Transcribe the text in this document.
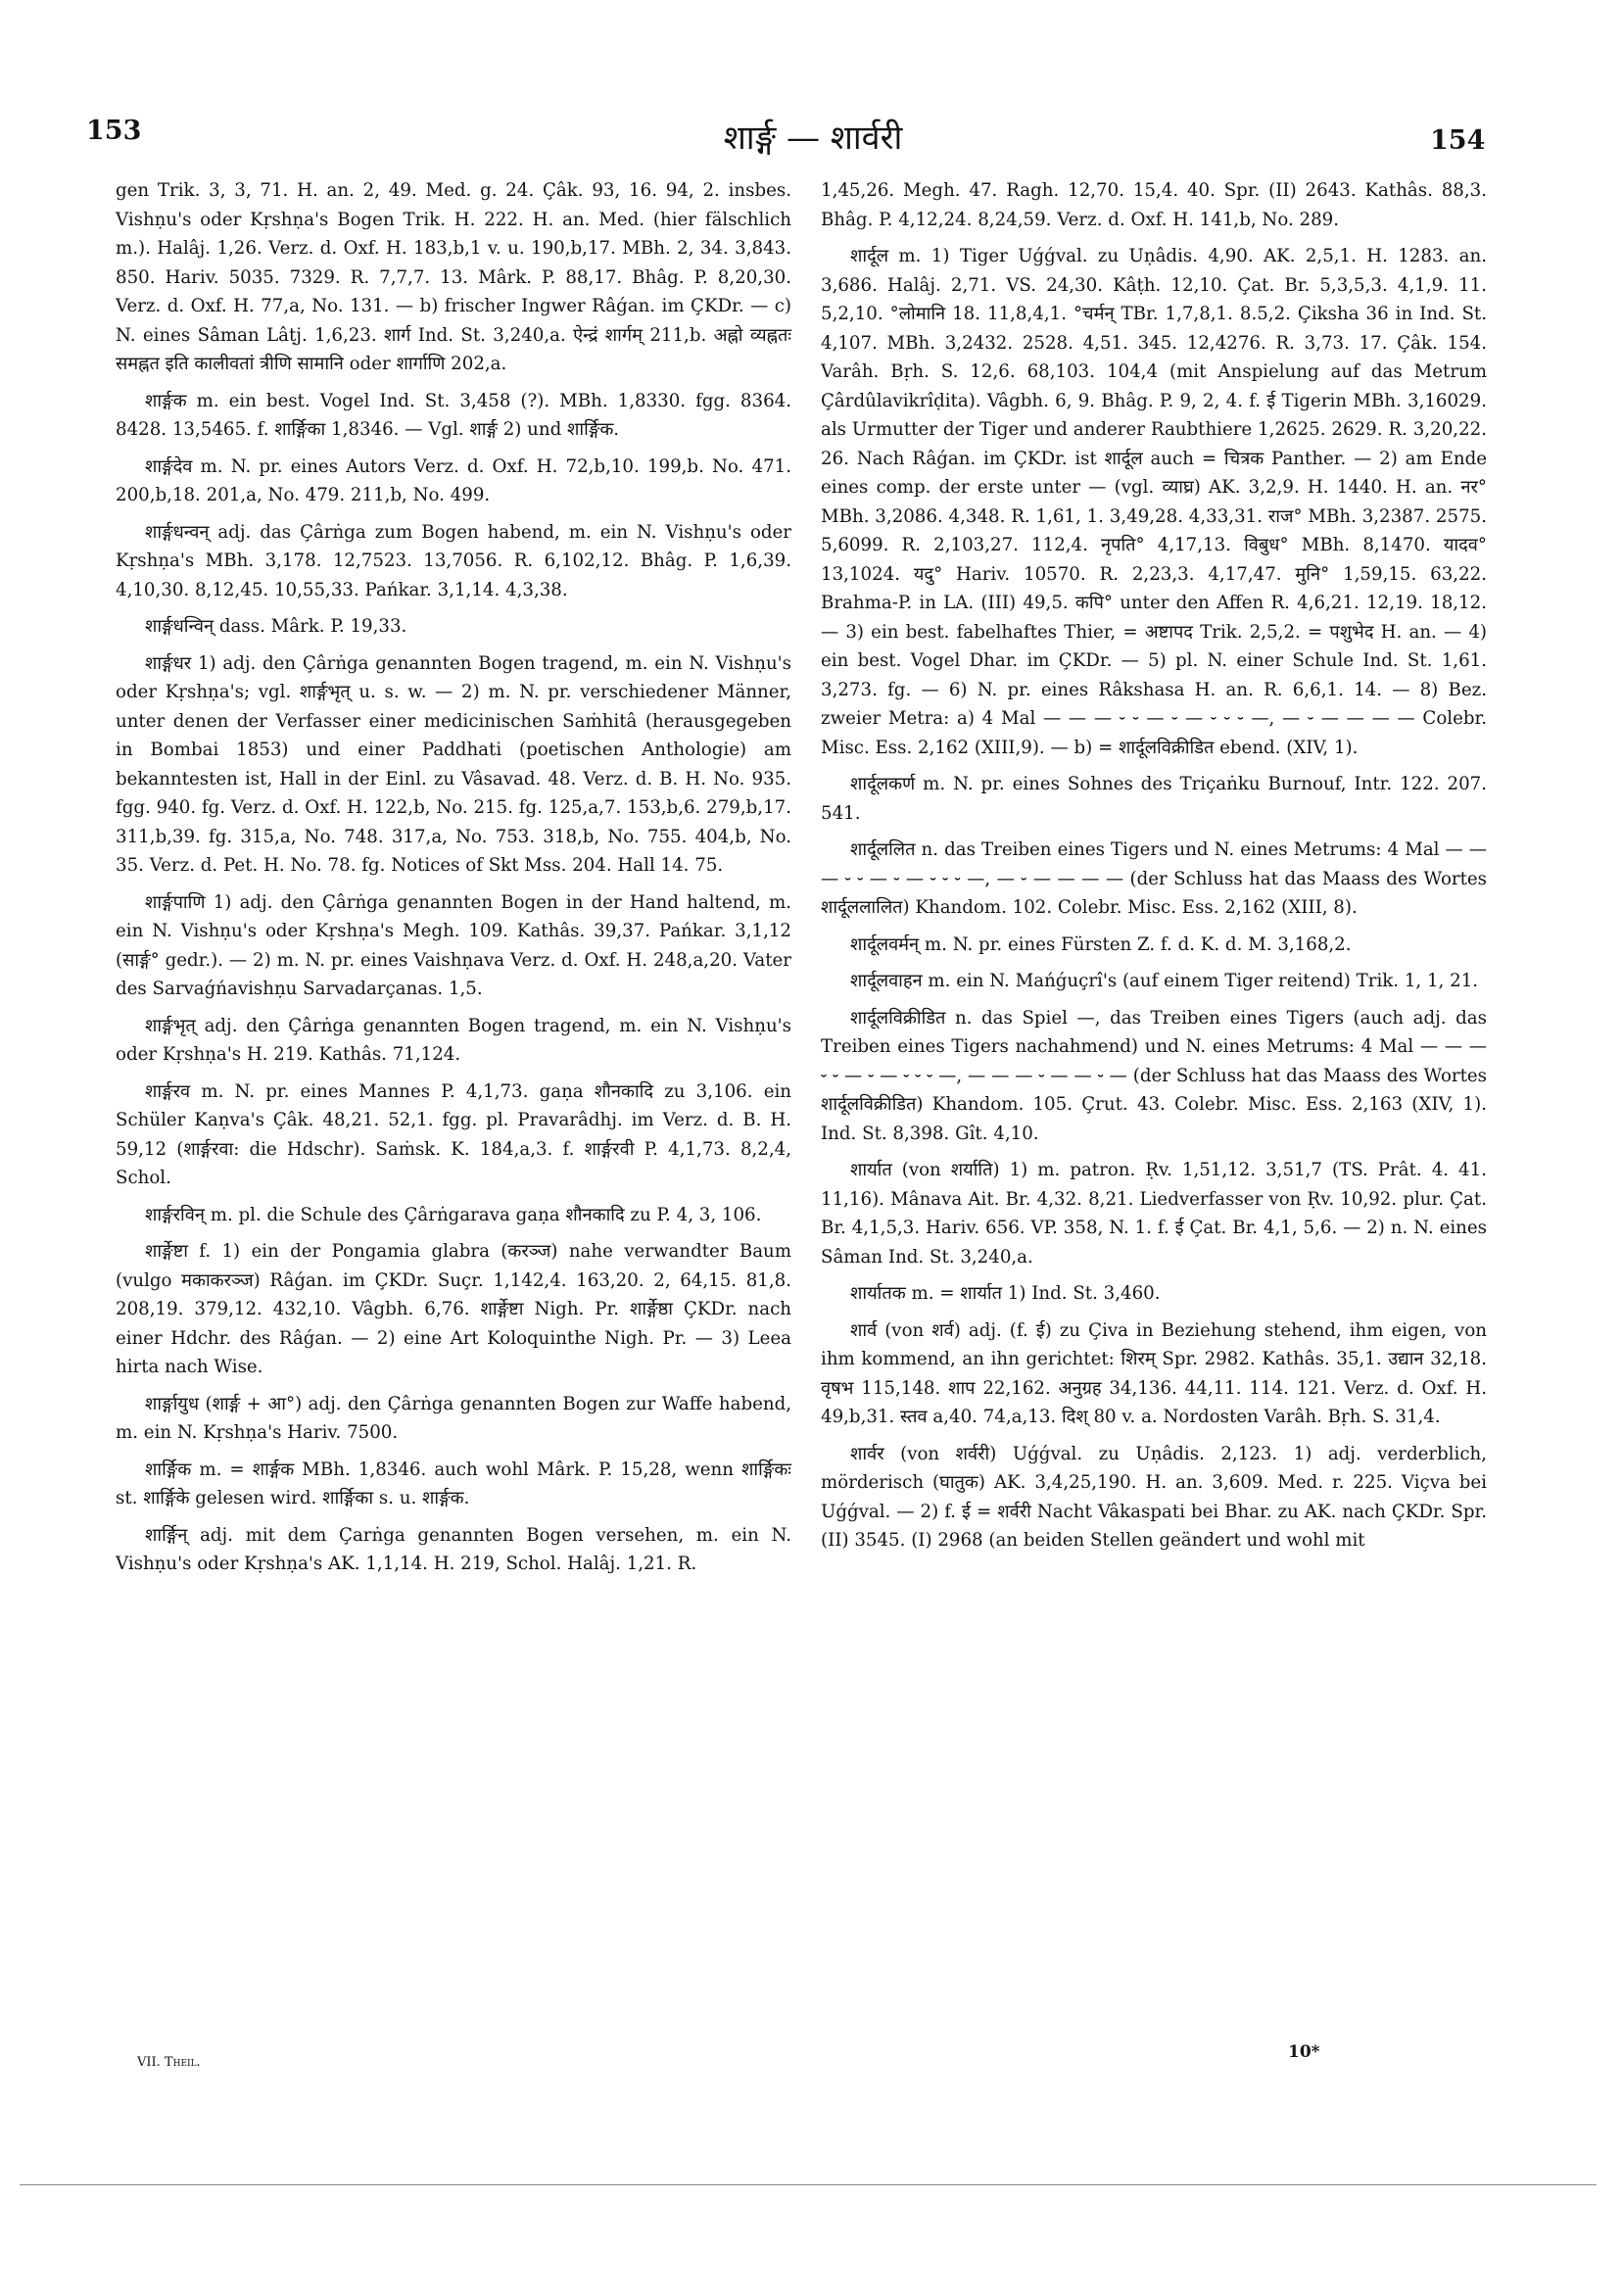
153	शार्ङ्ग — शार्वरी	154

gen Trik. 3, 3, 71. H. an. 2, 49. Med. g. 24. Çâk. 93, 16. 94, 2. insbes. Vishṇu's oder Kṛshṇa's Bogen Trik. H. 222. H. an. Med. (hier fälschlich m.). Halâj. 1,26. Verz. d. Oxf. H. 183,b,1 v. u. 190,b,17. MBh. 2, 34. 3,843. 850. Hariv. 5035. 7329. R. 7,7,7. 13. Mârk. P. 88,17. Bhâg. P. 8,20,30. Verz. d. Oxf. H. 77,a, No. 131. — b) frischer Ingwer Râǵan. im ÇKDr. — c) N. eines Sâman Lâṭj. 1,6,23. शार्ग Ind. St. 3,240,a. ऐन्द्रं शार्गम् 211,b. अह्नो व्यह्नतः समह्नत इति कालीवतां त्रीणि सामानि oder शार्गाणि 202,a.

शार्ङ्गक m. ein best. Vogel Ind. St. 3,458 (?). MBh. 1,8330. fgg. 8364. 8428. 13,5465. f. शार्ङ्गिका 1,8346. — Vgl. शार्ङ्ग 2) und शार्ङ्गिक.

शार्ङ्गदेव m. N. pr. eines Autors Verz. d. Oxf. H. 72,b,10. 199,b. No. 471. 200,b,18. 201,a, No. 479. 211,b, No. 499.

शार्ङ्गधन्वन् adj. das Çârṅga zum Bogen habend, m. ein N. Vishṇu's oder Kṛshṇa's MBh. 3,178. 12,7523. 13,7056. R. 6,102,12. Bhâg. P. 1,6,39. 4,10,30. 8,12,45. 10,55,33. Pańkar. 3,1,14. 4,3,38.

शार्ङ्गधन्विन् dass. Mârk. P. 19,33.

शार्ङ्गधर 1) adj. den Çârṅga genannten Bogen tragend, m. ein N. Vishṇu's oder Kṛshṇa's; vgl. शार्ङ्गभृत् u. s. w. — 2) m. N. pr. verschiedener Männer, unter denen der Verfasser einer medicinischen Saṁhitâ (herausgegeben in Bombai 1853) und einer Paddhati (poetischen Anthologie) am bekanntesten ist, Hall in der Einl. zu Vâsavad. 48. Verz. d. B. H. No. 935. fgg. 940. fg. Verz. d. Oxf. H. 122,b, No. 215. fg. 125,a,7. 153,b,6. 279,b,17. 311,b,39. fg. 315,a, No. 748. 317,a, No. 753. 318,b, No. 755. 404,b, No. 35. Verz. d. Pet. H. No. 78. fg. Notices of Skt Mss. 204. Hall 14. 75.

शार्ङ्गपाणि 1) adj. den Çârṅga genannten Bogen in der Hand haltend, m. ein N. Vishṇu's oder Kṛshṇa's Megh. 109. Kathâs. 39,37. Pańkar. 3,1,12 (सार्ङ्ग° gedr.). — 2) m. N. pr. eines Vaishṇava Verz. d. Oxf. H. 248,a,20. Vater des Sarvaǵńavishṇu Sarvadarçanas. 1,5.

शार्ङ्गभृत् adj. den Çârṅga genannten Bogen tragend, m. ein N. Vishṇu's oder Kṛshṇa's H. 219. Kathâs. 71,124.

शार्ङ्गरव m. N. pr. eines Mannes P. 4,1,73. gaṇa शौनकादि zu 3,106. ein Schüler Kaṇva's Çâk. 48,21. 52,1. fgg. pl. Pravarâdhj. im Verz. d. B. H. 59,12 (शार्ङ्गरवा: die Hdschr). Saṁsk. K. 184,a,3. f. शार्ङ्गरवी P. 4,1,73. 8,2,4, Schol.

शार्ङ्गरविन् m. pl. die Schule des Çârṅgarava gaṇa शौनकादि zu P. 4, 3, 106.

शार्ङ्गेष्टा f. 1) ein der Pongamia glabra (करञ्ज) nahe verwandter Baum (vulgo मकाकरञ्ज) Râǵan. im ÇKDr. Suçr. 1,142,4. 163,20. 2, 64,15. 81,8. 208,19. 379,12. 432,10. Vâgbh. 6,76. शार्ङ्गेष्टा Nigh. Pr. शार्ङ्गेष्ठा ÇKDr. nach einer Hdchr. des Râǵan. — 2) eine Art Koloquinthe Nigh. Pr. — 3) Leea hirta nach Wise.

शार्ङ्गायुध (शार्ङ्ग + आ°) adj. den Çârṅga genannten Bogen zur Waffe habend, m. ein N. Kṛshṇa's Hariv. 7500.

शार्ङ्गिक m. = शार्ङ्गक MBh. 1,8346. auch wohl Mârk. P. 15,28, wenn शार्ङ्गिकः st. शार्ङ्गिके gelesen wird. शार्ङ्गिका s. u. शार्ङ्गक.

शार्ङ्गिन् adj. mit dem Çarṅga genannten Bogen versehen, m. ein N. Vishṇu's oder Kṛshṇa's AK. 1,1,14. H. 219, Schol. Halâj. 1,21. R.

1,45,26. Megh. 47. Ragh. 12,70. 15,4. 40. Spr. (II) 2643. Kathâs. 88,3. Bhâg. P. 4,12,24. 8,24,59. Verz. d. Oxf. H. 141,b, No. 289.

शार्दूल m. 1) Tiger Uǵǵval. zu Uṇâdis. 4,90. AK. 2,5,1. H. 1283. an. 3,686. Halâj. 2,71. VS. 24,30. Kâṭh. 12,10. Çat. Br. 5,3,5,3. 4,1,9. 11. 5,2,10. °लोमानि 18. 11,8,4,1. °चर्मन् TBr. 1,7,8,1. 8.5,2. Çiksha 36 in Ind. St. 4,107. MBh. 3,2432. 2528. 4,51. 345. 12,4276. R. 3,73. 17. Çâk. 154. Varâh. Bṛh. S. 12,6. 68,103. 104,4 (mit Anspielung auf das Metrum Çârdûlavikrîḍita). Vâgbh. 6, 9. Bhâg. P. 9, 2, 4. f. ई Tigerin MBh. 3,16029. als Urmutter der Tiger und anderer Raubthiere 1,2625. 2629. R. 3,20,22. 26. Nach Râǵan. im ÇKDr. ist शार्दूल auch = चित्रक Panther. — 2) am Ende eines comp. der erste unter — (vgl. व्याघ्र) AK. 3,2,9. H. 1440. H. an. नर° MBh. 3,2086. 4,348. R. 1,61, 1. 3,49,28. 4,33,31. राज° MBh. 3,2387. 2575. 5,6099. R. 2,103,27. 112,4. नृपति° 4,17,13. विबुध° MBh. 8,1470. यादव° 13,1024. यदु° Hariv. 10570. R. 2,23,3. 4,17,47. मुनि° 1,59,15. 63,22. Brahma-P. in LA. (III) 49,5. कपि° unter den Affen R. 4,6,21. 12,19. 18,12. — 3) ein best. fabelhaftes Thier, = अष्टापद Trik. 2,5,2. = पशुभेद H. an. — 4) ein best. Vogel Dhar. im ÇKDr. — 5) pl. N. einer Schule Ind. St. 1,61. 3,273. fg. — 6) N. pr. eines Râkshasa H. an. R. 6,6,1. 14. — 8) Bez. zweier Metra: a) 4 Mal — — — ⏑ ⏑ — ⏑ — ⏑ ⏑ ⏑ —, — ⏑ — — — — Colebr. Misc. Ess. 2,162 (XIII,9). — b) = शार्दूलविक्रीडित ebend. (XIV, 1).

शार्दूलकर्ण m. N. pr. eines Sohnes des Triçaṅku Burnouf, Intr. 122. 207. 541.

शार्दूललित n. das Treiben eines Tigers und N. eines Metrums: 4 Mal — — — ⏑ ⏑ — ⏑ — ⏑ ⏑ ⏑ —, — ⏑ — — — — (der Schluss hat das Maass des Wortes शार्दूललालित) Khandom. 102. Colebr. Misc. Ess. 2,162 (XIII, 8).

शार्दूलवर्मन् m. N. pr. eines Fürsten Z. f. d. K. d. M. 3,168,2.

शार्दूलवाहन m. ein N. Mańǵuçrî's (auf einem Tiger reitend) Trik. 1, 1, 21.

शार्दूलविक्रीडित n. das Spiel —, das Treiben eines Tigers (auch adj. das Treiben eines Tigers nachahmend) und N. eines Metrums: 4 Mal — — — ⏑ ⏑ — ⏑ — ⏑ ⏑ ⏑ —, — — — ⏑ — — ⏑ — (der Schluss hat das Maass des Wortes शार्दूलविक्रीडित) Khandom. 105. Çrut. 43. Colebr. Misc. Ess. 2,163 (XIV, 1). Ind. St. 8,398. Gît. 4,10.

शार्यात (von शर्याति) 1) m. patron. Ṛv. 1,51,12. 3,51,7 (TS. Prât. 4. 41. 11,16). Mânava Ait. Br. 4,32. 8,21. Liedverfasser von Ṛv. 10,92. plur. Çat. Br. 4,1,5,3. Hariv. 656. VP. 358, N. 1. f. ई Çat. Br. 4,1, 5,6. — 2) n. N. eines Sâman Ind. St. 3,240,a.

शार्यातक m. = शार्यात 1) Ind. St. 3,460.

शार्व (von शर्व) adj. (f. ई) zu Çiva in Beziehung stehend, ihm eigen, von ihm kommend, an ihn gerichtet: शिरम् Spr. 2982. Kathâs. 35,1. उद्यान 32,18. वृषभ 115,148. शाप 22,162. अनुग्रह 34,136. 44,11. 114. 121. Verz. d. Oxf. H. 49,b,31. स्तव a,40. 74,a,13. दिश् 80 v. a. Nordosten Varâh. Bṛh. S. 31,4.

शार्वर (von शर्वरी) Uǵǵval. zu Uṇâdis. 2,123. 1) adj. verderblich, mörderisch (घातुक) AK. 3,4,25,190. H. an. 3,609. Med. r. 225. Viçva bei Uǵǵval. — 2) f. ई = शर्वरी Nacht Vâkaspati bei Bhar. zu AK. nach ÇKDr. Spr. (II) 3545. (I) 2968 (an beiden Stellen geändert und wohl mit

VII. Theil.
10*
